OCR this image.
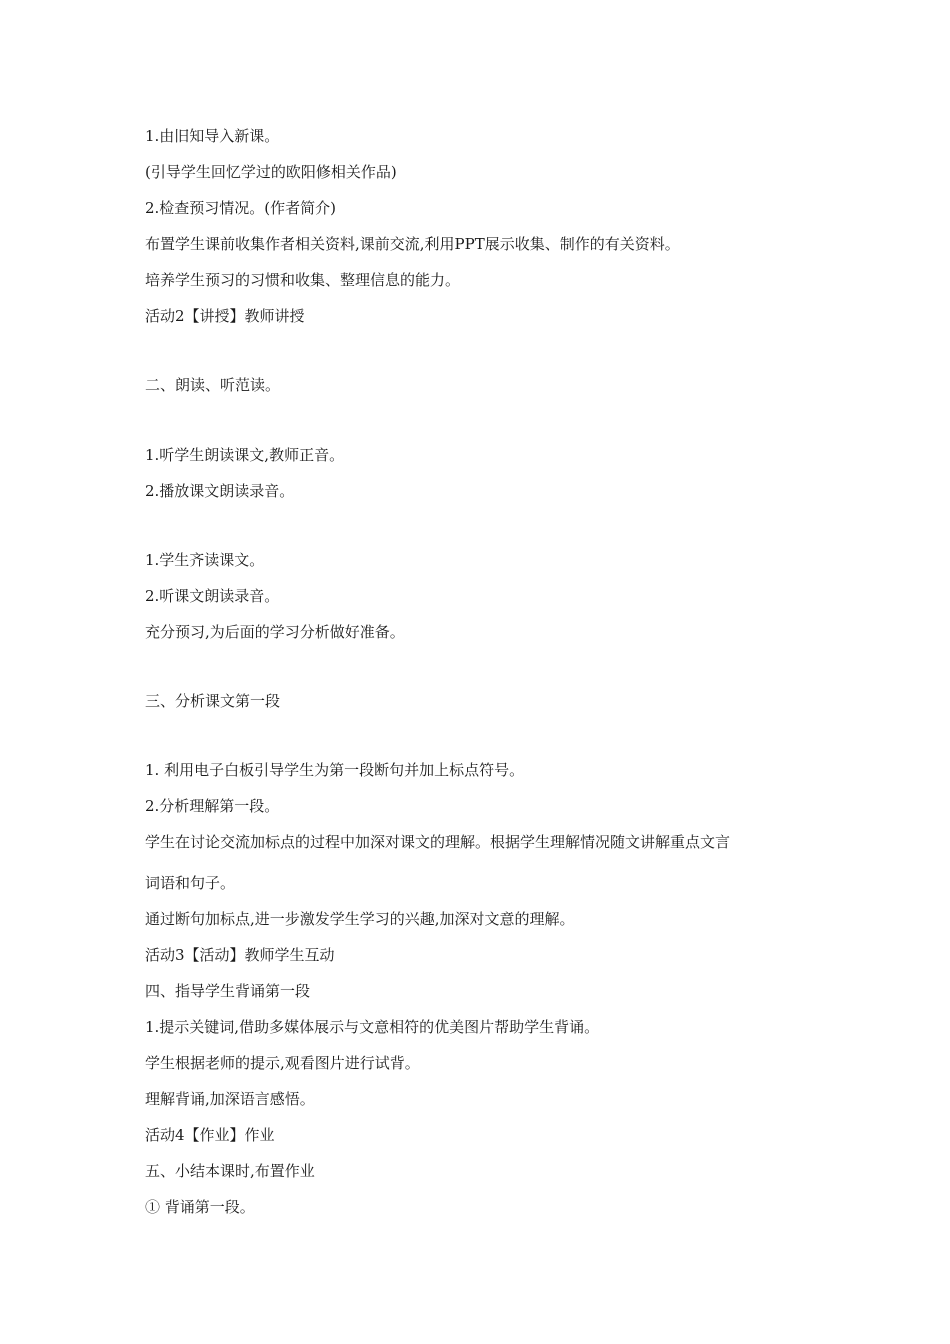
1.由旧知导入新课。
(引导学生回忆学过的欧阳修相关作品)
2.检查预习情况。(作者简介)
布置学生课前收集作者相关资料,课前交流,利用PPT展示收集、制作的有关资料。
培养学生预习的习惯和收集、整理信息的能力。
活动2【讲授】教师讲授
二、朗读、听范读。
1.听学生朗读课文,教师正音。
2.播放课文朗读录音。
1.学生齐读课文。
2.听课文朗读录音。
充分预习,为后面的学习分析做好准备。
三、分析课文第一段
1. 利用电子白板引导学生为第一段断句并加上标点符号。
2.分析理解第一段。
学生在讨论交流加标点的过程中加深对课文的理解。根据学生理解情况随文讲解重点文言
词语和句子。
通过断句加标点,进一步激发学生学习的兴趣,加深对文意的理解。
活动3【活动】教师学生互动
四、指导学生背诵第一段
1.提示关键词,借助多媒体展示与文意相符的优美图片帮助学生背诵。
学生根据老师的提示,观看图片进行试背。
理解背诵,加深语言感悟。
活动4【作业】作业
五、小结本课时,布置作业
① 背诵第一段。
